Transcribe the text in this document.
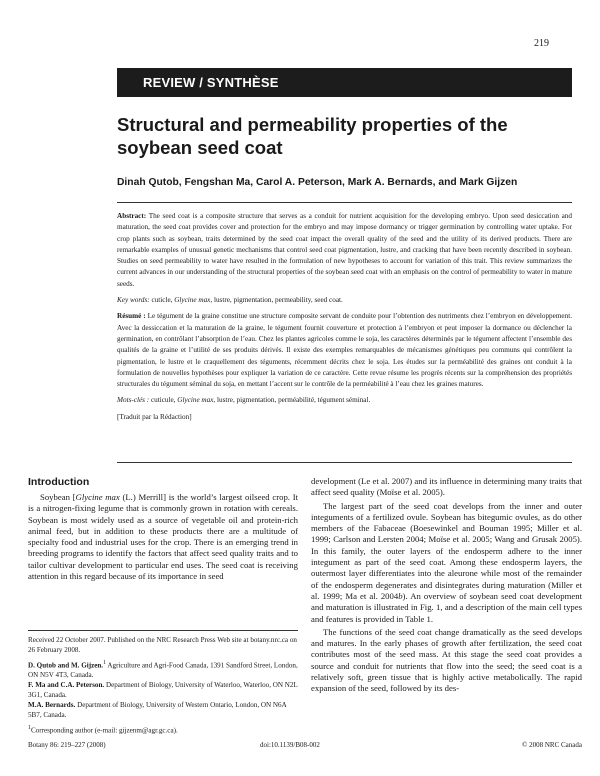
219
REVIEW / SYNTHÈSE
Structural and permeability properties of the soybean seed coat
Dinah Qutob, Fengshan Ma, Carol A. Peterson, Mark A. Bernards, and Mark Gijzen

Abstract: The seed coat is a composite structure that serves as a conduit for nutrient acquisition for the developing embryo. Upon seed desiccation and maturation, the seed coat provides cover and protection for the embryo and may impose dormancy or trigger germination by controlling water uptake. For crop plants such as soybean, traits determined by the seed coat impact the overall quality of the seed and the utility of its derived products. There are remarkable examples of unusual genetic mechanisms that control seed coat pigmentation, lustre, and cracking that have been recently described in soybean. Studies on seed permeability to water have resulted in the formulation of new hypotheses to account for variation of this trait. This review summarizes the current advances in our understanding of the structural properties of the soybean seed coat with an emphasis on the control of permeability to water in mature seeds.

Key words: cuticle, Glycine max, lustre, pigmentation, permeability, seed coat.

Résumé : Le tégument de la graine constitue une structure composite servant de conduite pour l’obtention des nutriments chez l’embryon en développement. Avec la dessiccation et la maturation de la graine, le tégument fournit couverture et protection à l’embryon et peut imposer la dormance ou déclencher la germination, en contrôlant l’absorption de l’eau. Chez les plantes agricoles comme le soja, les caractères déterminés par le tégument affectent l’ensemble des qualités de la graine et l’utilité de ses produits dérivés. Il existe des exemples remarquables de mécanismes génétiques peu communs qui contrôlent la pigmentation, le lustre et le craquellement des téguments, récemment décrits chez le soja. Les études sur la perméabilité des graines ont conduit à la formulation de nouvelles hypothèses pour expliquer la variation de ce caractère. Cette revue résume les progrès récents sur la compréhension des propriétés structurales du tégument séminal du soja, en mettant l’accent sur le contrôle de la perméabilité à l’eau chez les graines matures.

Mots-clés : cuticule, Glycine max, lustre, pigmentation, perméabilité, tégument séminal.

[Traduit par la Rédaction]

Introduction

Soybean [Glycine max (L.) Merrill] is the world’s largest oilseed crop. It is a nitrogen-fixing legume that is commonly grown in rotation with cereals. Soybean is most widely used as a source of vegetable oil and protein-rich animal feed, but in addition to these products there are a multitude of specialty food and industrial uses for the crop. There is an emerging trend in breeding programs to identify the factors that affect seed quality traits and to tailor cultivar development to particular end uses. The seed coat is receiving attention in this regard because of its importance in seed

Received 22 October 2007. Published on the NRC Research Press Web site at botany.nrc.ca on 26 February 2008.

D. Qutob and M. Gijzen.$^1$ Agriculture and Agri-Food Canada, 1391 Sandford Street, London, ON N5V 4T3, Canada.
F. Ma and C.A. Peterson. Department of Biology, University of Waterloo, Waterloo, ON N2L 3G1, Canada.
M.A. Bernards. Department of Biology, University of Western Ontario, London, ON N6A 5B7, Canada.

$^1$Corresponding author (e-mail: gijzenm@agr.gc.ca).

development (Le et al. 2007) and its influence in determining many traits that affect seed quality (Moïse et al. 2005).

The largest part of the seed coat develops from the inner and outer integuments of a fertilized ovule. Soybean has bitegumic ovules, as do other members of the Fabaceae (Boesewinkel and Bouman 1995; Miller et al. 1999; Carlson and Lersten 2004; Moïse et al. 2005; Wang and Grusak 2005). In this family, the outer layers of the endosperm adhere to the inner integument as part of the seed coat. Among these endosperm layers, the outermost layer differentiates into the aleurone while most of the remainder of the endosperm degenerates and disintegrates during maturation (Miller et al. 1999; Ma et al. 2004b). An overview of soybean seed coat development and maturation is illustrated in Fig. 1, and a description of the main cell types and features is provided in Table 1.

The functions of the seed coat change dramatically as the seed develops and matures. In the early phases of growth after fertilization, the seed coat contributes most of the seed mass. At this stage the seed coat provides a source and conduit for nutrients that flow into the seed; the seed coat is a relatively soft, green tissue that is highly active metabolically. The rapid expansion of the seed, followed by its des-

Botany 86: 219–227 (2008)	doi:10.1139/B08-002	© 2008 NRC Canada
